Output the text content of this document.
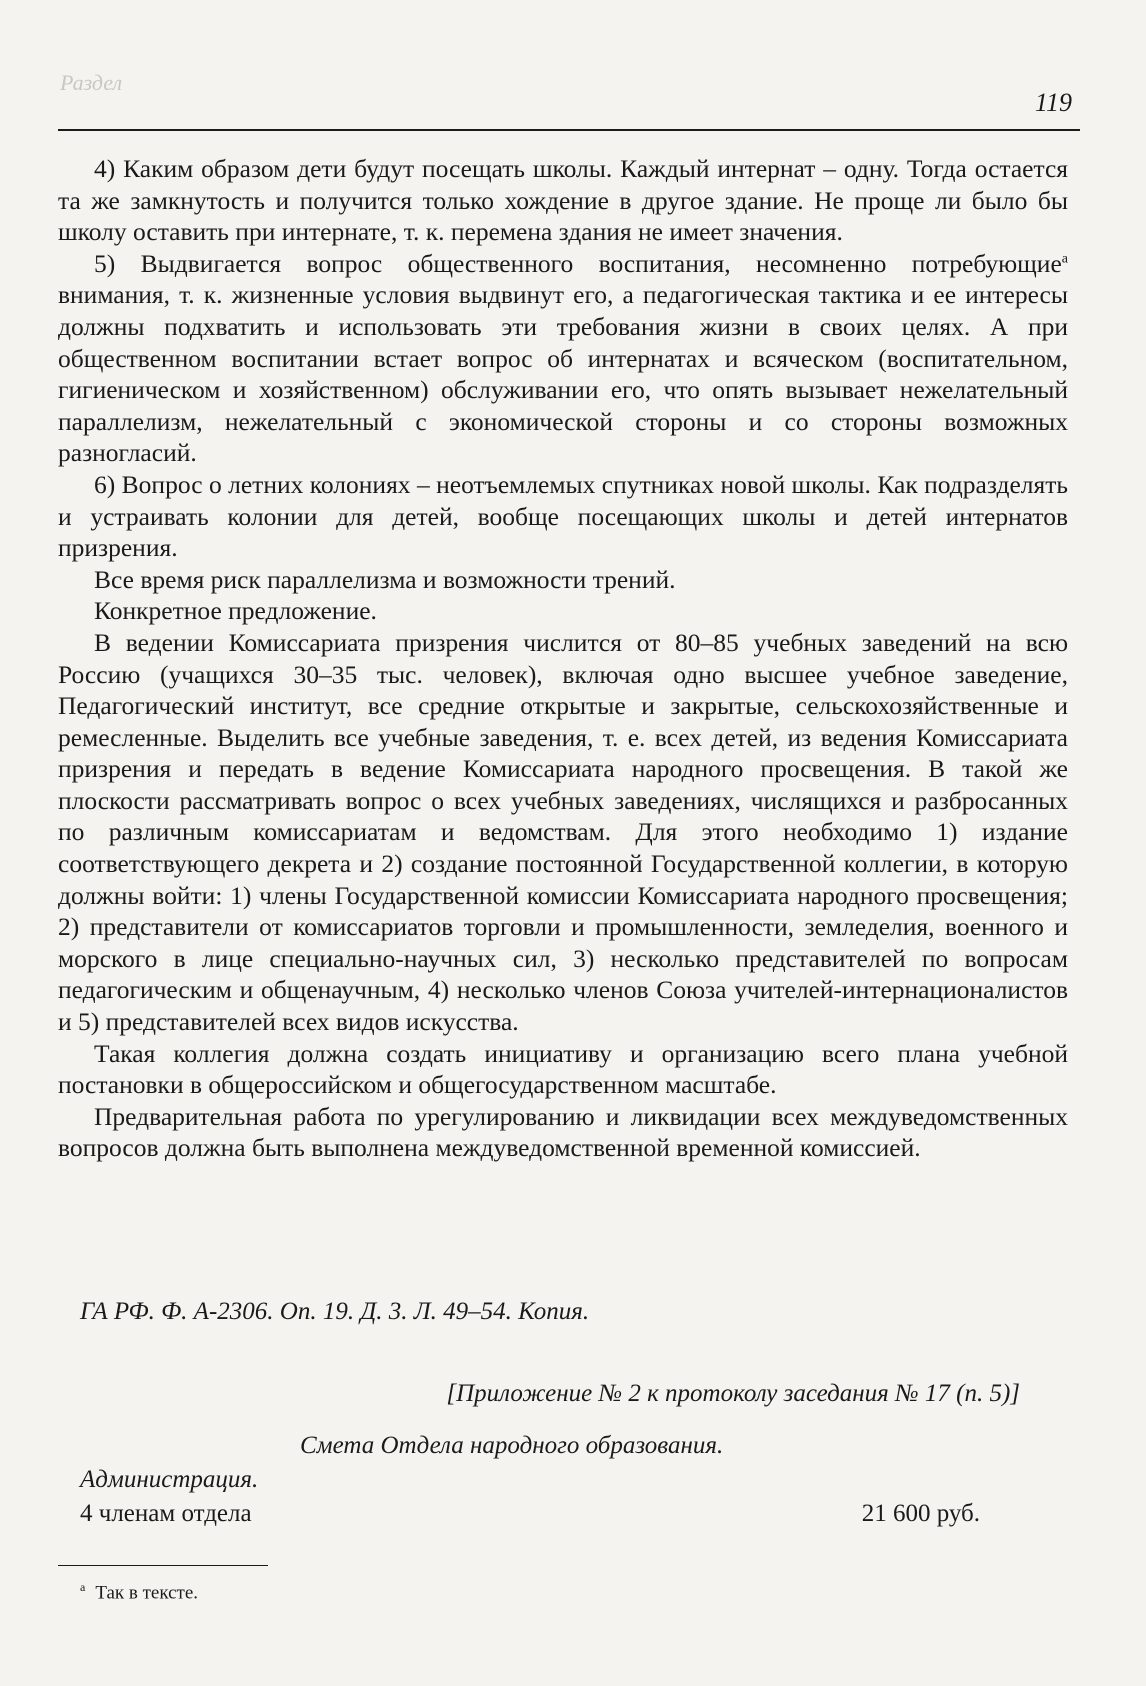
Раздел
119

4) Каким образом дети будут посещать школы. Каждый интернат – одну. Тогда остается та же замкнутость и получится только хождение в другое здание. Не проще ли было бы школу оставить при интернате, т. к. перемена здания не имеет значения.

5) Выдвигается вопрос общественного воспитания, несомненно потребующие$^а$ внимания, т. к. жизненные условия выдвинут его, а педагогическая тактика и ее интересы должны подхватить и использовать эти требования жизни в своих целях. А при общественном воспитании встает вопрос об интернатах и всяческом (воспитательном, гигиеническом и хозяйственном) обслуживании его, что опять вызывает нежелательный параллелизм, нежелательный с экономической стороны и со стороны возможных разногласий.

6) Вопрос о летних колониях – неотъемлемых спутниках новой школы. Как подразделять и устраивать колонии для детей, вообще посещающих школы и детей интернатов призрения.

Все время риск параллелизма и возможности трений.

Конкретное предложение.

В ведении Комиссариата призрения числится от 80–85 учебных заведений на всю Россию (учащихся 30–35 тыс. человек), включая одно высшее учебное заведение, Педагогический институт, все средние открытые и закрытые, сельскохозяйственные и ремесленные. Выделить все учебные заведения, т. е. всех детей, из ведения Комиссариата призрения и передать в ведение Комиссариата народного просвещения. В такой же плоскости рассматривать вопрос о всех учебных заведениях, числящихся и разбросанных по различным комиссариатам и ведомствам. Для этого необходимо 1) издание соответствующего декрета и 2) создание постоянной Государственной коллегии, в которую должны войти: 1) члены Государственной комиссии Комиссариата народного просвещения; 2) представители от комиссариатов торговли и промышленности, земледелия, военного и морского в лице специально-научных сил, 3) несколько представителей по вопросам педагогическим и общенаучным, 4) несколько членов Союза учителей-интернационалистов и 5) представителей всех видов искусства.

Такая коллегия должна создать инициативу и организацию всего плана учебной постановки в общероссийском и общегосударственном масштабе.

Предварительная работа по урегулированию и ликвидации всех междуведомственных вопросов должна быть выполнена междуведомственной временной комиссией.

ГА РФ. Ф. А-2306. Оп. 19. Д. 3. Л. 49–54. Копия.
[Приложение № 2 к протоколу заседания № 17 (п. 5)]
Смета Отдела народного образования.
Администрация.
4 членам отдела	21 600 руб.
$^а$ Так в тексте.
